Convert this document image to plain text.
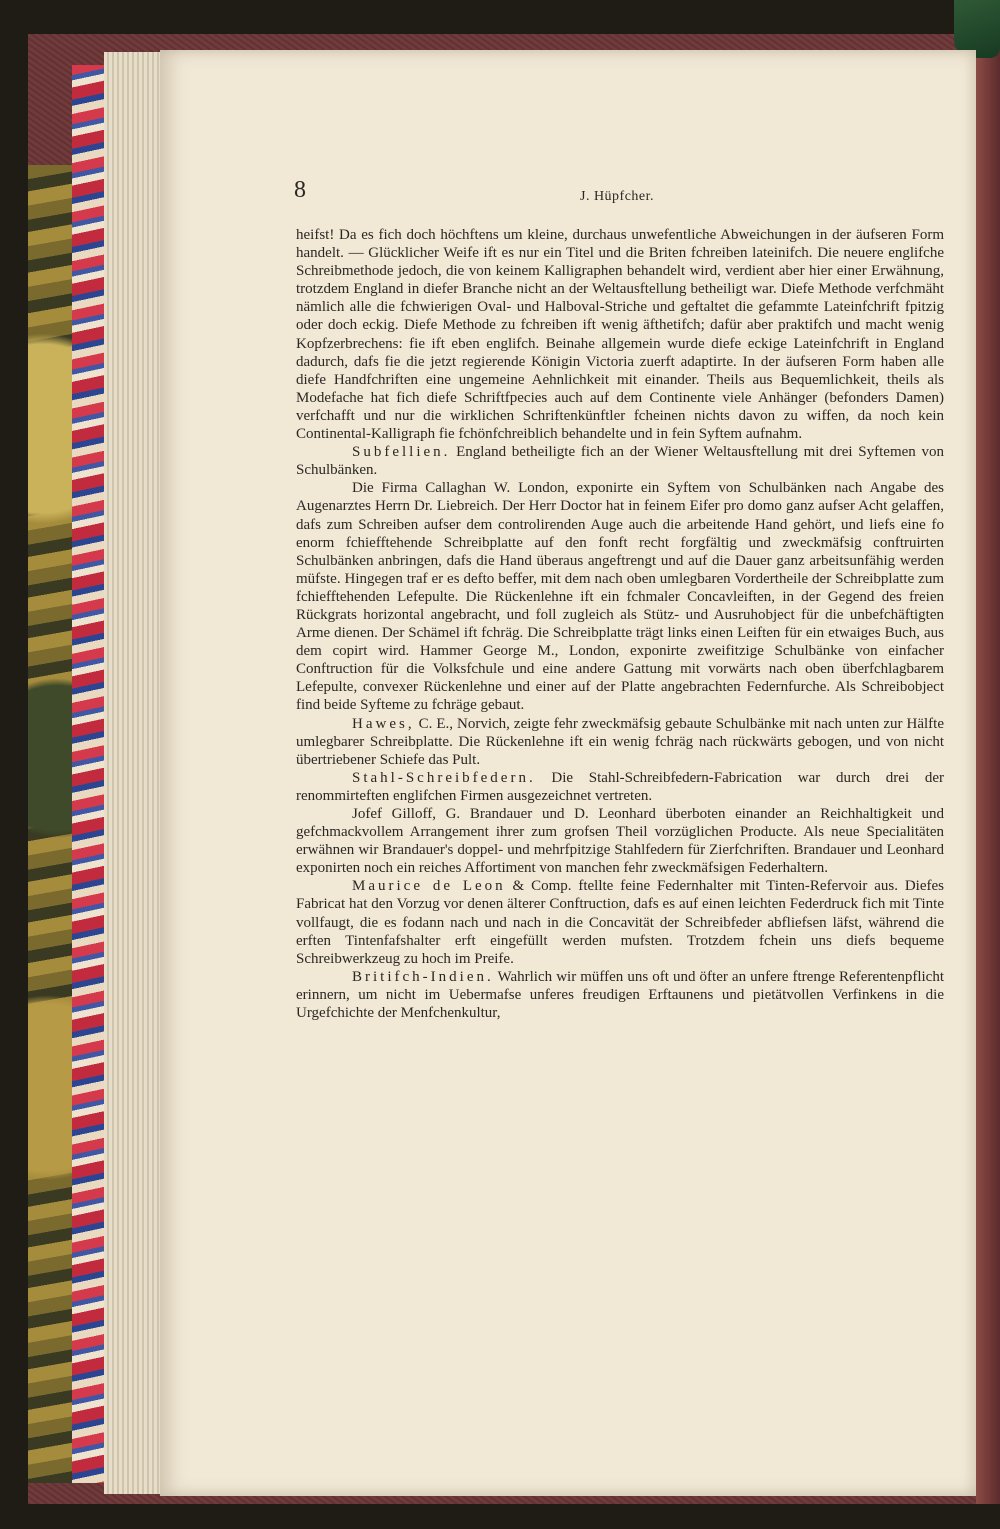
8	J. Hüpfcher.

heifst! Da es fich doch höchftens um kleine, durchaus unwefentliche Abweichungen in der äufseren Form handelt. — Glücklicher Weife ift es nur ein Titel und die Briten fchreiben lateinifch. Die neuere englifche Schreibmethode jedoch, die von keinem Kalligraphen behandelt wird, verdient aber hier einer Erwähnung, trotzdem England in diefer Branche nicht an der Weltausftellung betheiligt war. Diefe Methode verfchmäht nämlich alle die fchwierigen Oval- und Halboval-Striche und geftaltet die gefammte Lateinfchrift fpitzig oder doch eckig. Diefe Methode zu fchreiben ift wenig äfthetifch; dafür aber praktifch und macht wenig Kopfzerbrechens: fie ift eben englifch. Beinahe allgemein wurde diefe eckige Lateinfchrift in England dadurch, dafs fie die jetzt regierende Königin Victoria zuerft adaptirte. In der äufseren Form haben alle diefe Handfchriften eine ungemeine Aehnlichkeit mit einander. Theils aus Bequemlichkeit, theils als Modefache hat fich diefe Schriftfpecies auch auf dem Continente viele Anhänger (befonders Damen) verfchafft und nur die wirklichen Schriftenkünftler fcheinen nichts davon zu wiffen, da noch kein Continental-Kalligraph fie fchönfchreiblich behandelte und in fein Syftem aufnahm.

Subfellien. England betheiligte fich an der Wiener Weltausftellung mit drei Syftemen von Schulbänken.

Die Firma Callaghan W. London, exponirte ein Syftem von Schulbänken nach Angabe des Augenarztes Herrn Dr. Liebreich. Der Herr Doctor hat in feinem Eifer pro domo ganz aufser Acht gelaffen, dafs zum Schreiben aufser dem controlirenden Auge auch die arbeitende Hand gehört, und liefs eine fo enorm fchiefftehende Schreibplatte auf den fonft recht forgfältig und zweckmäfsig conftruirten Schulbänken anbringen, dafs die Hand überaus angeftrengt und auf die Dauer ganz arbeitsunfähig werden müfste. Hingegen traf er es defto beffer, mit dem nach oben umlegbaren Vordertheile der Schreibplatte zum fchiefftehenden Lefepulte. Die Rückenlehne ift ein fchmaler Concavleiften, in der Gegend des freien Rückgrats horizontal angebracht, und foll zugleich als Stütz- und Ausruhobject für die unbefchäftigten Arme dienen. Der Schämel ift fchräg. Die Schreibplatte trägt links einen Leiften für ein etwaiges Buch, aus dem copirt wird. Hammer George M., London, exponirte zweifitzige Schulbänke von einfacher Conftruction für die Volksfchule und eine andere Gattung mit vorwärts nach oben überfchlagbarem Lefepulte, convexer Rückenlehne und einer auf der Platte angebrachten Federnfurche. Als Schreibobject find beide Syfteme zu fchräge gebaut.

Hawes, C. E., Norvich, zeigte fehr zweckmäfsig gebaute Schulbänke mit nach unten zur Hälfte umlegbarer Schreibplatte. Die Rückenlehne ift ein wenig fchräg nach rückwärts gebogen, und von nicht übertriebener Schiefe das Pult.

Stahl-Schreibfedern. Die Stahl-Schreibfedern-Fabrication war durch drei der renommirteften englifchen Firmen ausgezeichnet vertreten.

Jofef Gilloff, G. Brandauer und D. Leonhard überboten einander an Reichhaltigkeit und gefchmackvollem Arrangement ihrer zum grofsen Theil vorzüglichen Producte. Als neue Specialitäten erwähnen wir Brandauer's doppel- und mehrfpitzige Stahlfedern für Zierfchriften. Brandauer und Leonhard exponirten noch ein reiches Affortiment von manchen fehr zweckmäfsigen Federhaltern.

Maurice de Leon & Comp. ftellte feine Federnhalter mit Tinten-Refervoir aus. Diefes Fabricat hat den Vorzug vor denen älterer Conftruction, dafs es auf einen leichten Federdruck fich mit Tinte vollfaugt, die es fodann nach und nach in die Concavität der Schreibfeder abfliefsen läfst, während die erften Tintenfafshalter erft eingefüllt werden mufsten. Trotzdem fchein uns diefs bequeme Schreibwerkzeug zu hoch im Preife.

Britifch-Indien. Wahrlich wir müffen uns oft und öfter an unfere ftrenge Referentenpflicht erinnern, um nicht im Uebermafse unferes freudigen Erftaunens und pietätvollen Verfinkens in die Urgefchichte der Menfchenkultur,
